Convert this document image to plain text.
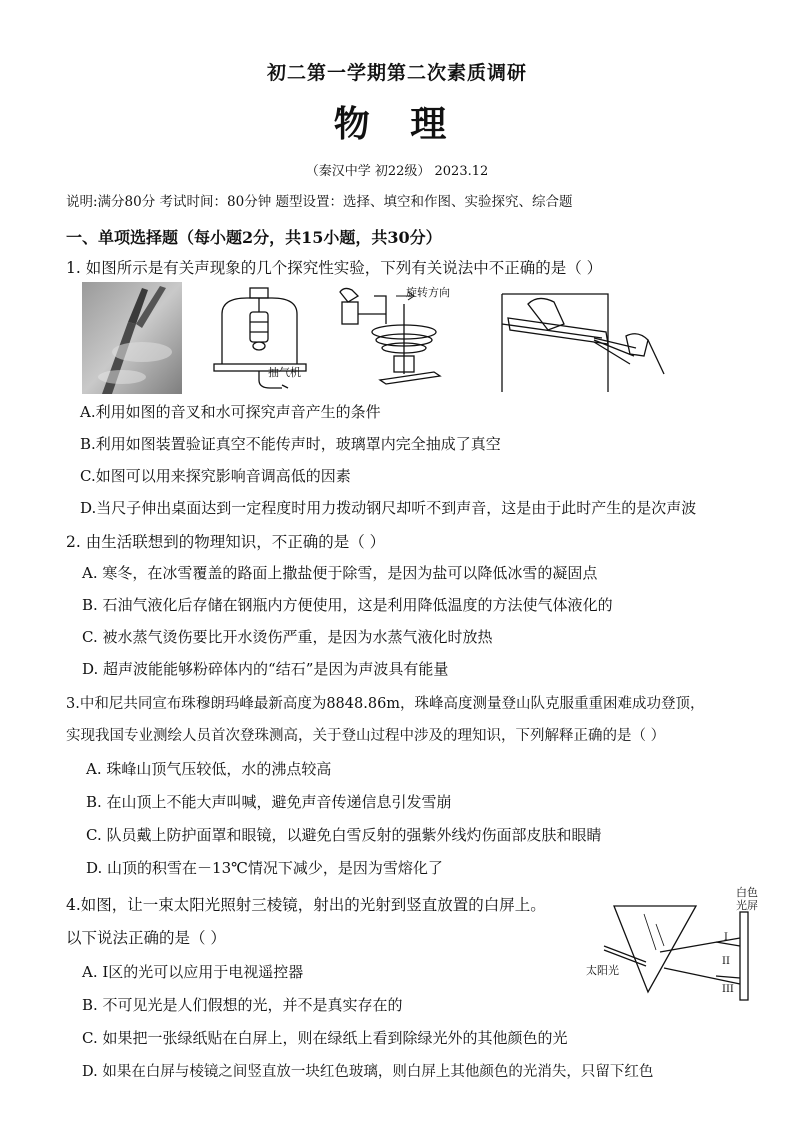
初二第一学期第二次素质调研
物 理
（秦汉中学 初22级） 2023.12
说明:满分80分 考试时间：80分钟 题型设置：选择、填空和作图、实验探究、综合题
一、单项选择题（每小题2分，共15小题，共30分）
1. 如图所示是有关声现象的几个探究性实验，下列有关说法中不正确的是（ ）
抽气机
旋转方向
A.利用如图的音叉和水可探究声音产生的条件
B.利用如图装置验证真空不能传声时，玻璃罩内完全抽成了真空
C.如图可以用来探究影响音调高低的因素
D.当尺子伸出桌面达到一定程度时用力拨动钢尺却听不到声音，这是由于此时产生的是次声波
2. 由生活联想到的物理知识，不正确的是（ ）
A. 寒冬，在冰雪覆盖的路面上撒盐便于除雪，是因为盐可以降低冰雪的凝固点
B. 石油气液化后存储在钢瓶内方便使用，这是利用降低温度的方法使气体液化的
C. 被水蒸气烫伤要比开水烫伤严重，是因为水蒸气液化时放热
D. 超声波能能够粉碎体内的“结石”是因为声波具有能量
3.中和尼共同宣布珠穆朗玛峰最新高度为8848.86m，珠峰高度测量登山队克服重重困难成功登顶，
实现我国专业测绘人员首次登珠测高，关于登山过程中涉及的理知识，下列解释正确的是（ ）
A. 珠峰山顶气压较低，水的沸点较高
B. 在山顶上不能大声叫喊，避免声音传递信息引发雪崩
C. 队员戴上防护面罩和眼镜，以避免白雪反射的强紫外线灼伤面部皮肤和眼睛
D. 山顶的积雪在－13℃情况下减少，是因为雪熔化了
4.如图，让一束太阳光照射三棱镜，射出的光射到竖直放置的白屏上。
以下说法正确的是（ ）
太阳光
白色
光屏
I
II
III
A. Ⅰ区的光可以应用于电视遥控器
B. 不可见光是人们假想的光，并不是真实存在的
C. 如果把一张绿纸贴在白屏上，则在绿纸上看到除绿光外的其他颜色的光
D. 如果在白屏与棱镜之间竖直放一块红色玻璃，则白屏上其他颜色的光消失，只留下红色
